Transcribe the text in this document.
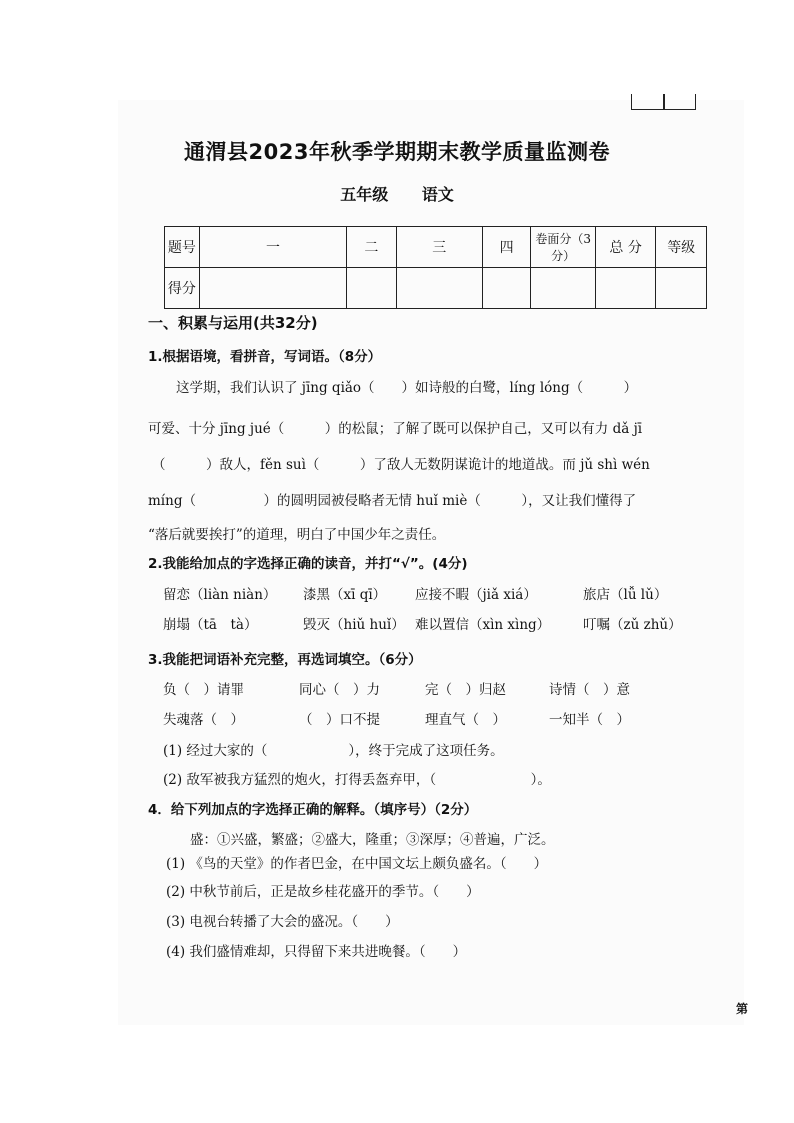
通渭县2023年秋季学期期末教学质量监测卷
五年级 语文
题号	一	二	三	四	卷面分（3分）	总 分	等级
得分							
一、积累与运用(共32分)
1.根据语境，看拼音，写词语。（8分）
这学期，我们认识了 jīng qiǎo（　　）如诗般的白鹭，líng lóng（　　　）
可爱、十分 jīng jué（　　　）的松鼠；了解了既可以保护自己，又可以有力 dǎ jī
（　　　）敌人，fěn suì（　　　）了敌人无数阴谋诡计的地道战。而 jǔ shì wén
míng（　　　　　）的圆明园被侵略者无情 huǐ miè（　　　），又让我们懂得了
“落后就要挨打”的道理，明白了中国少年之责任。
2.我能给加点的字选择正确的读音，并打“√”。(4分)
留恋（liàn niàn） 漆黑（xī qī） 应接不暇（jiǎ xiá）	旅店（lǚ lǔ）
崩塌（tā　tà）	毁灭（hiǔ huǐ） 难以置信（xìn xìng） 叮嘱（zǔ zhǔ）
3.我能把词语补充完整，再选词填空。（6分）
负（　）请罪	同心（　）力	完（　）归赵	诗情（　）意
失魂落（　）	（　）口不提	理直气（　）	一知半（　）
(1) 经过大家的（　　　　　　），终于完成了这项任务。
(2) 敌军被我方猛烈的炮火，打得丢盔弃甲，（　　　　　　　）。
4．给下列加点的字选择正确的解释。（填序号）（2分）
盛：①兴盛，繁盛；②盛大，隆重；③深厚；④普遍，广泛。
(1) 《鸟的天堂》的作者巴金，在中国文坛上颇负盛名。（　　）
(2) 中秋节前后，正是故乡桂花盛开的季节。（　　）
(3) 电视台转播了大会的盛况。（　　）
(4) 我们盛情难却，只得留下来共进晚餐。（　　）
第
